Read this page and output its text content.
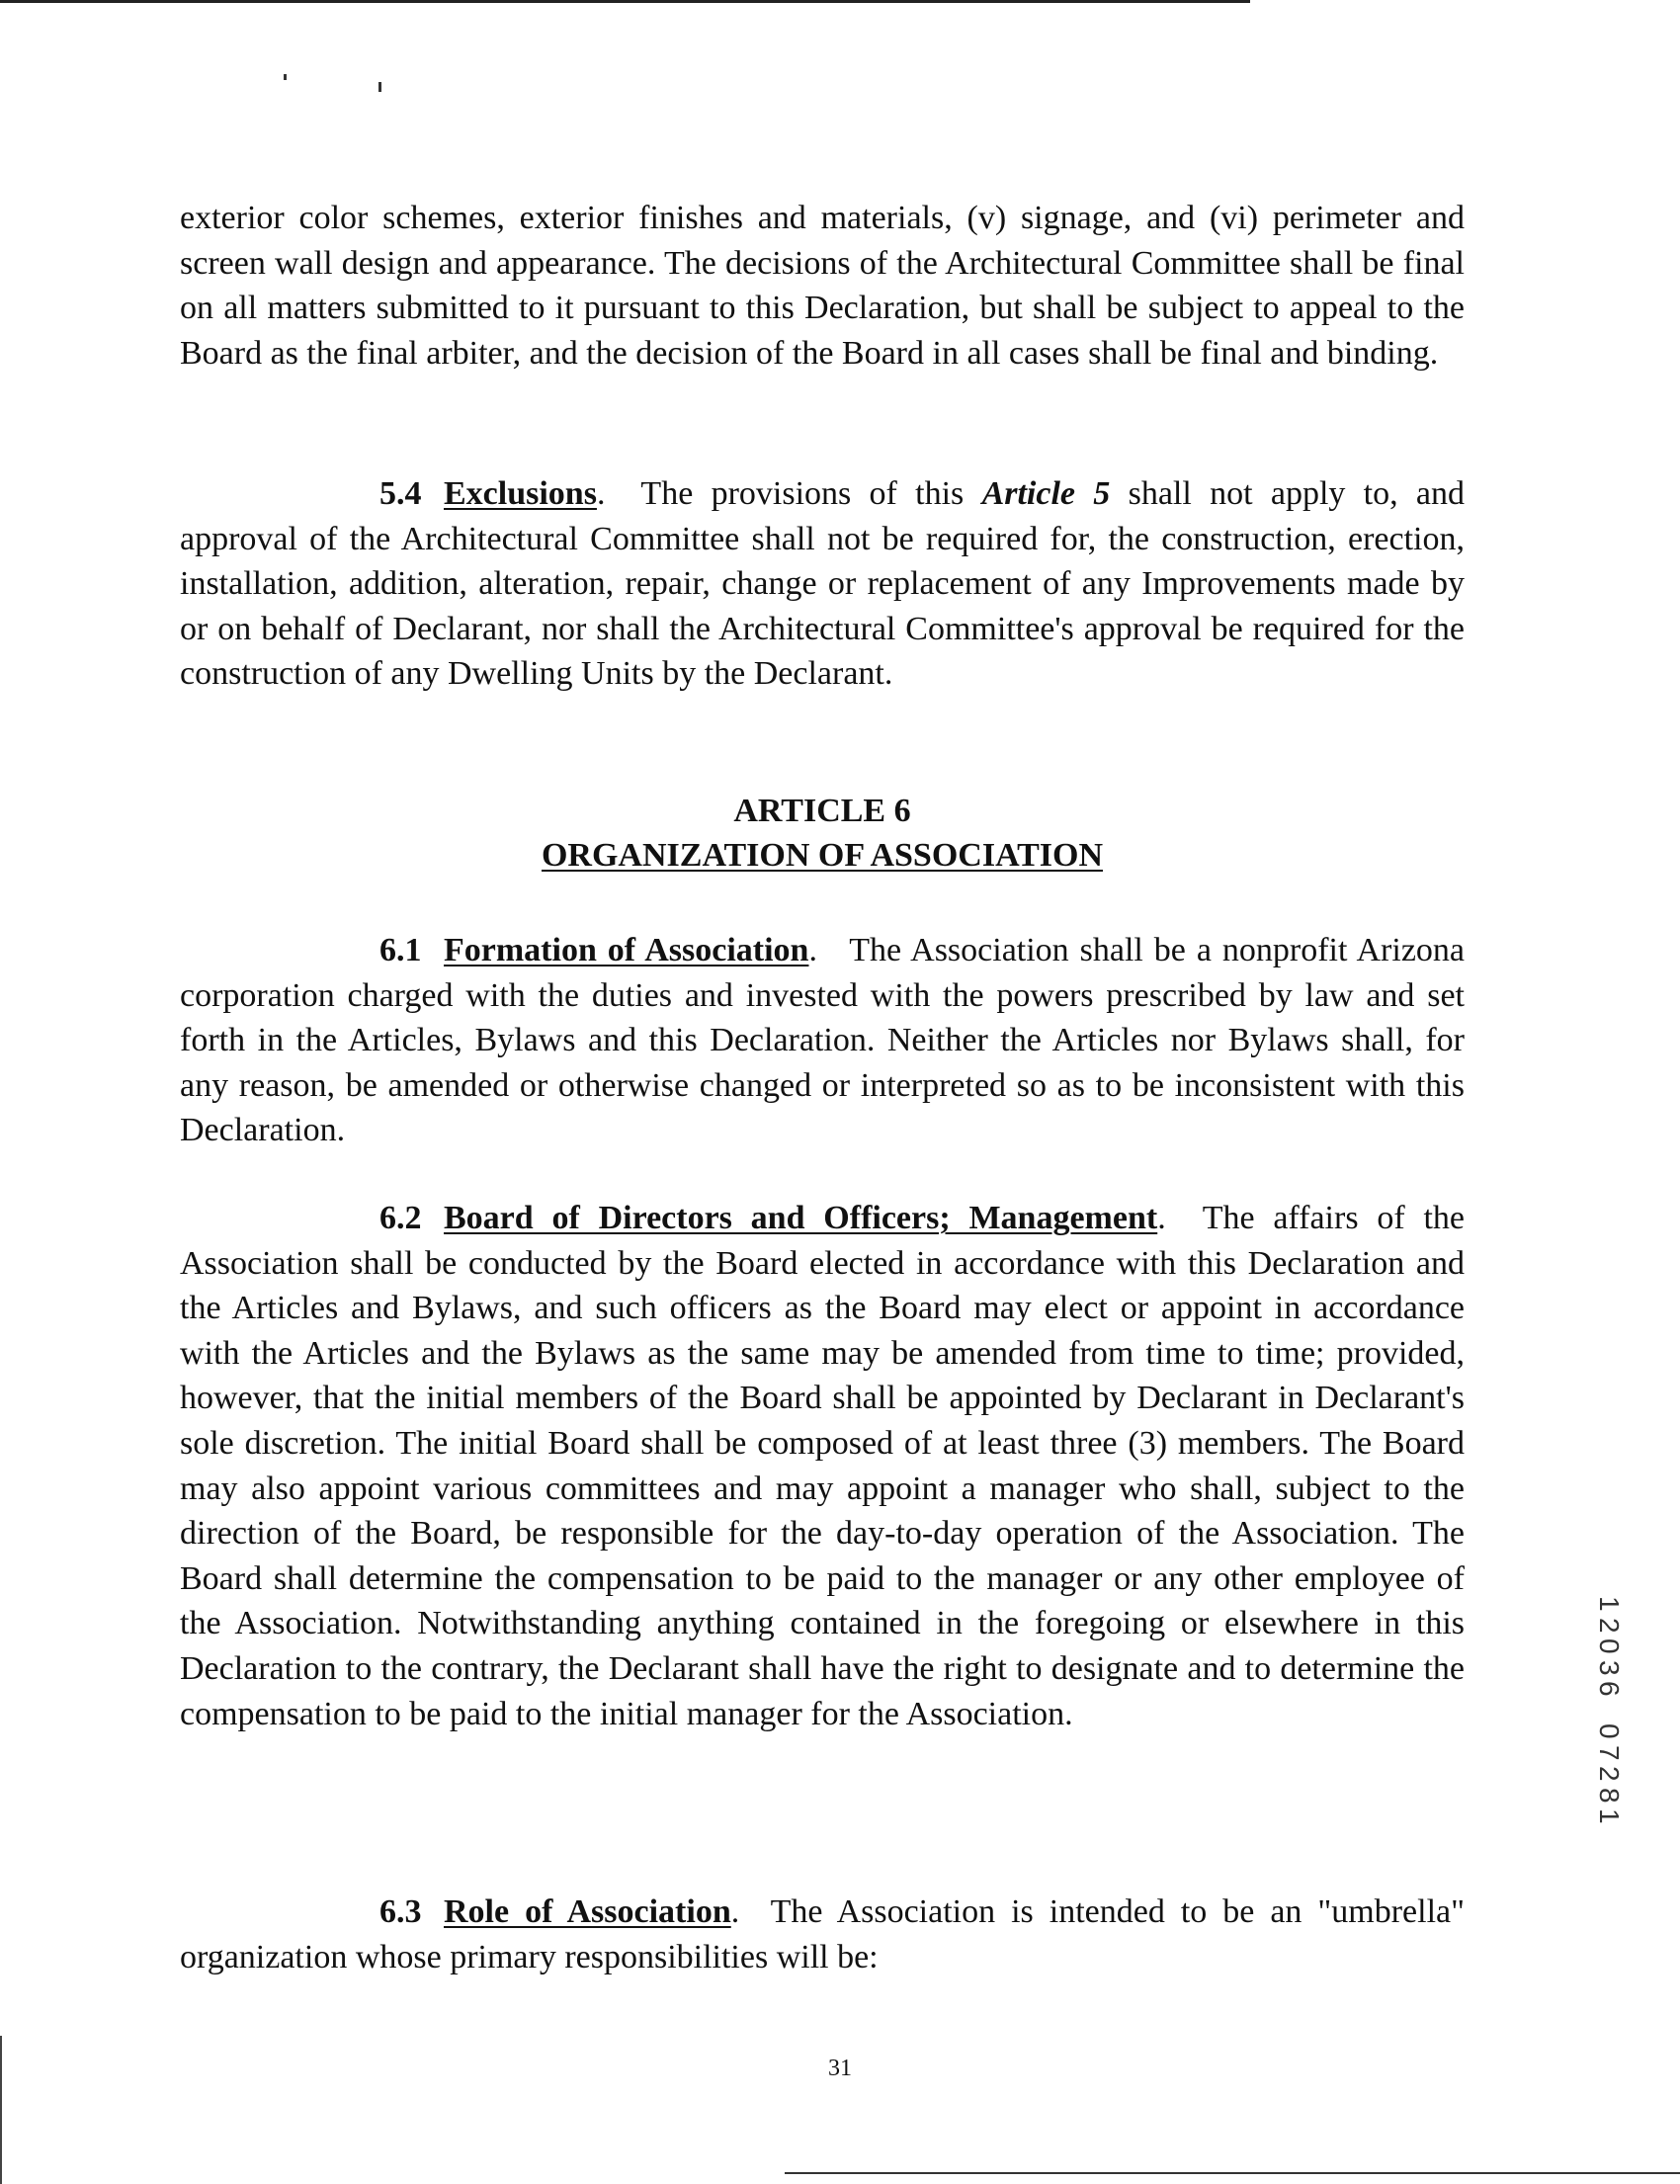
exterior color schemes, exterior finishes and materials, (v) signage, and (vi) perimeter and screen wall design and appearance. The decisions of the Architectural Committee shall be final on all matters submitted to it pursuant to this Declaration, but shall be subject to appeal to the Board as the final arbiter, and the decision of the Board in all cases shall be final and binding.

5.4 Exclusions.  The provisions of this Article 5 shall not apply to, and approval of the Architectural Committee shall not be required for, the construction, erection, installation, addition, alteration, repair, change or replacement of any Improvements made by or on behalf of Declarant, nor shall the Architectural Committee's approval be required for the construction of any Dwelling Units by the Declarant.

ARTICLE 6
ORGANIZATION OF ASSOCIATION

6.1 Formation of Association.   The Association shall be a nonprofit Arizona corporation charged with the duties and invested with the powers prescribed by law and set forth in the Articles, Bylaws and this Declaration. Neither the Articles nor Bylaws shall, for any reason, be amended or otherwise changed or interpreted so as to be inconsistent with this Declaration.

6.2 Board of Directors and Officers; Management.  The affairs of the Association shall be conducted by the Board elected in accordance with this Declaration and the Articles and Bylaws, and such officers as the Board may elect or appoint in accordance with the Articles and the Bylaws as the same may be amended from time to time; provided, however, that the initial members of the Board shall be appointed by Declarant in Declarant's sole discretion. The initial Board shall be composed of at least three (3) members. The Board may also appoint various committees and may appoint a manager who shall, subject to the direction of the Board, be responsible for the day-to-day operation of the Association. The Board shall determine the compensation to be paid to the manager or any other employee of the Association. Notwithstanding anything contained in the foregoing or elsewhere in this Declaration to the contrary, the Declarant shall have the right to designate and to determine the compensation to be paid to the initial manager for the Association.

6.3 Role of Association.  The Association is intended to be an "umbrella" organization whose primary responsibilities will be:

1
2
0
3
6

0
7
2
8
1

31
